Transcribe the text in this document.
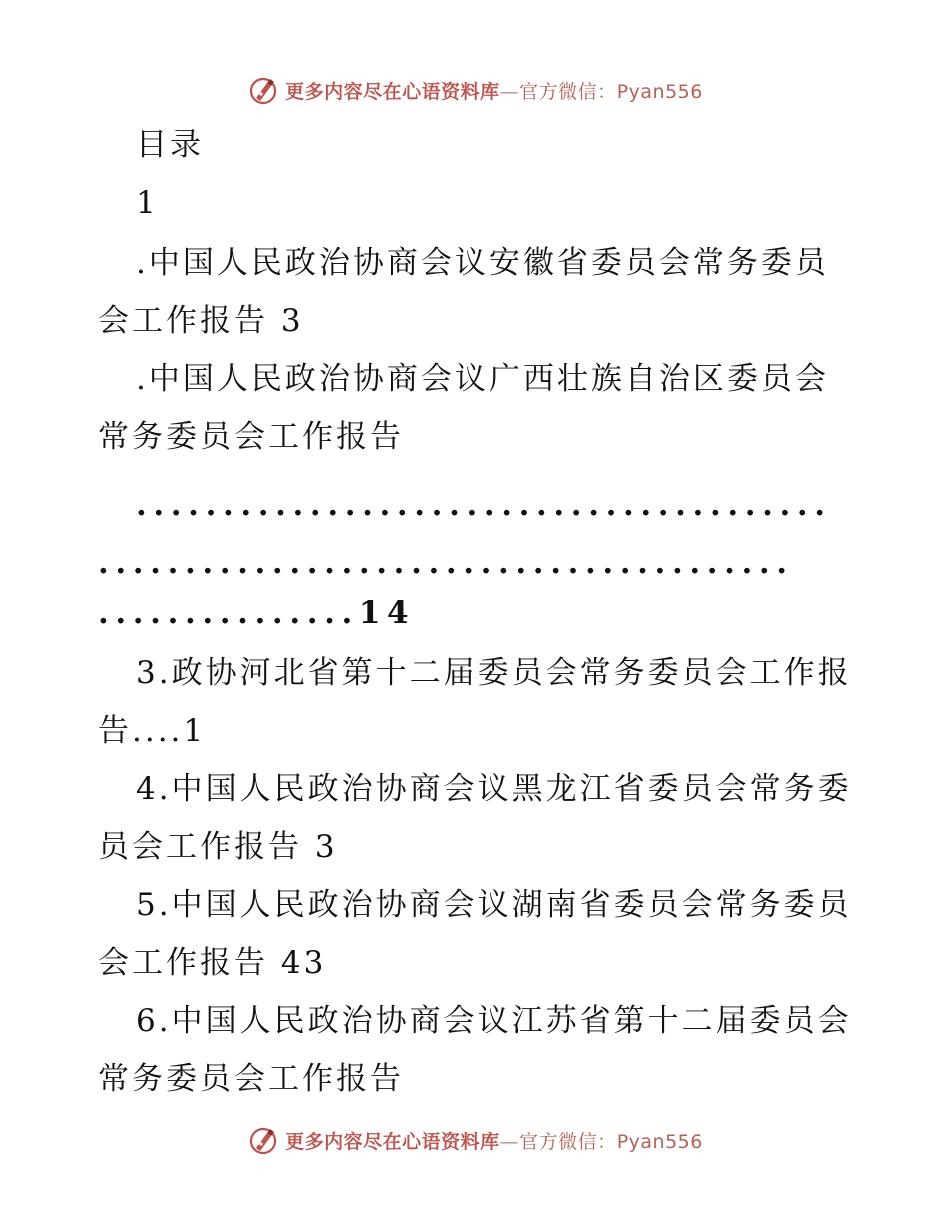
更多内容尽在心语资料库—官方微信：Pyan556
目录
1
.中国人民政治协商会议安徽省委员会常务委员
会工作报告 3
.中国人民政治协商会议广西壮族自治区委员会
常务委员会工作报告
........................................
........................................
...............14
3.政协河北省第十二届委员会常务委员会工作报
告....1
4.中国人民政治协商会议黑龙江省委员会常务委
员会工作报告 3
5.中国人民政治协商会议湖南省委员会常务委员
会工作报告 43
6.中国人民政治协商会议江苏省第十二届委员会
常务委员会工作报告
更多内容尽在心语资料库—官方微信：Pyan556
